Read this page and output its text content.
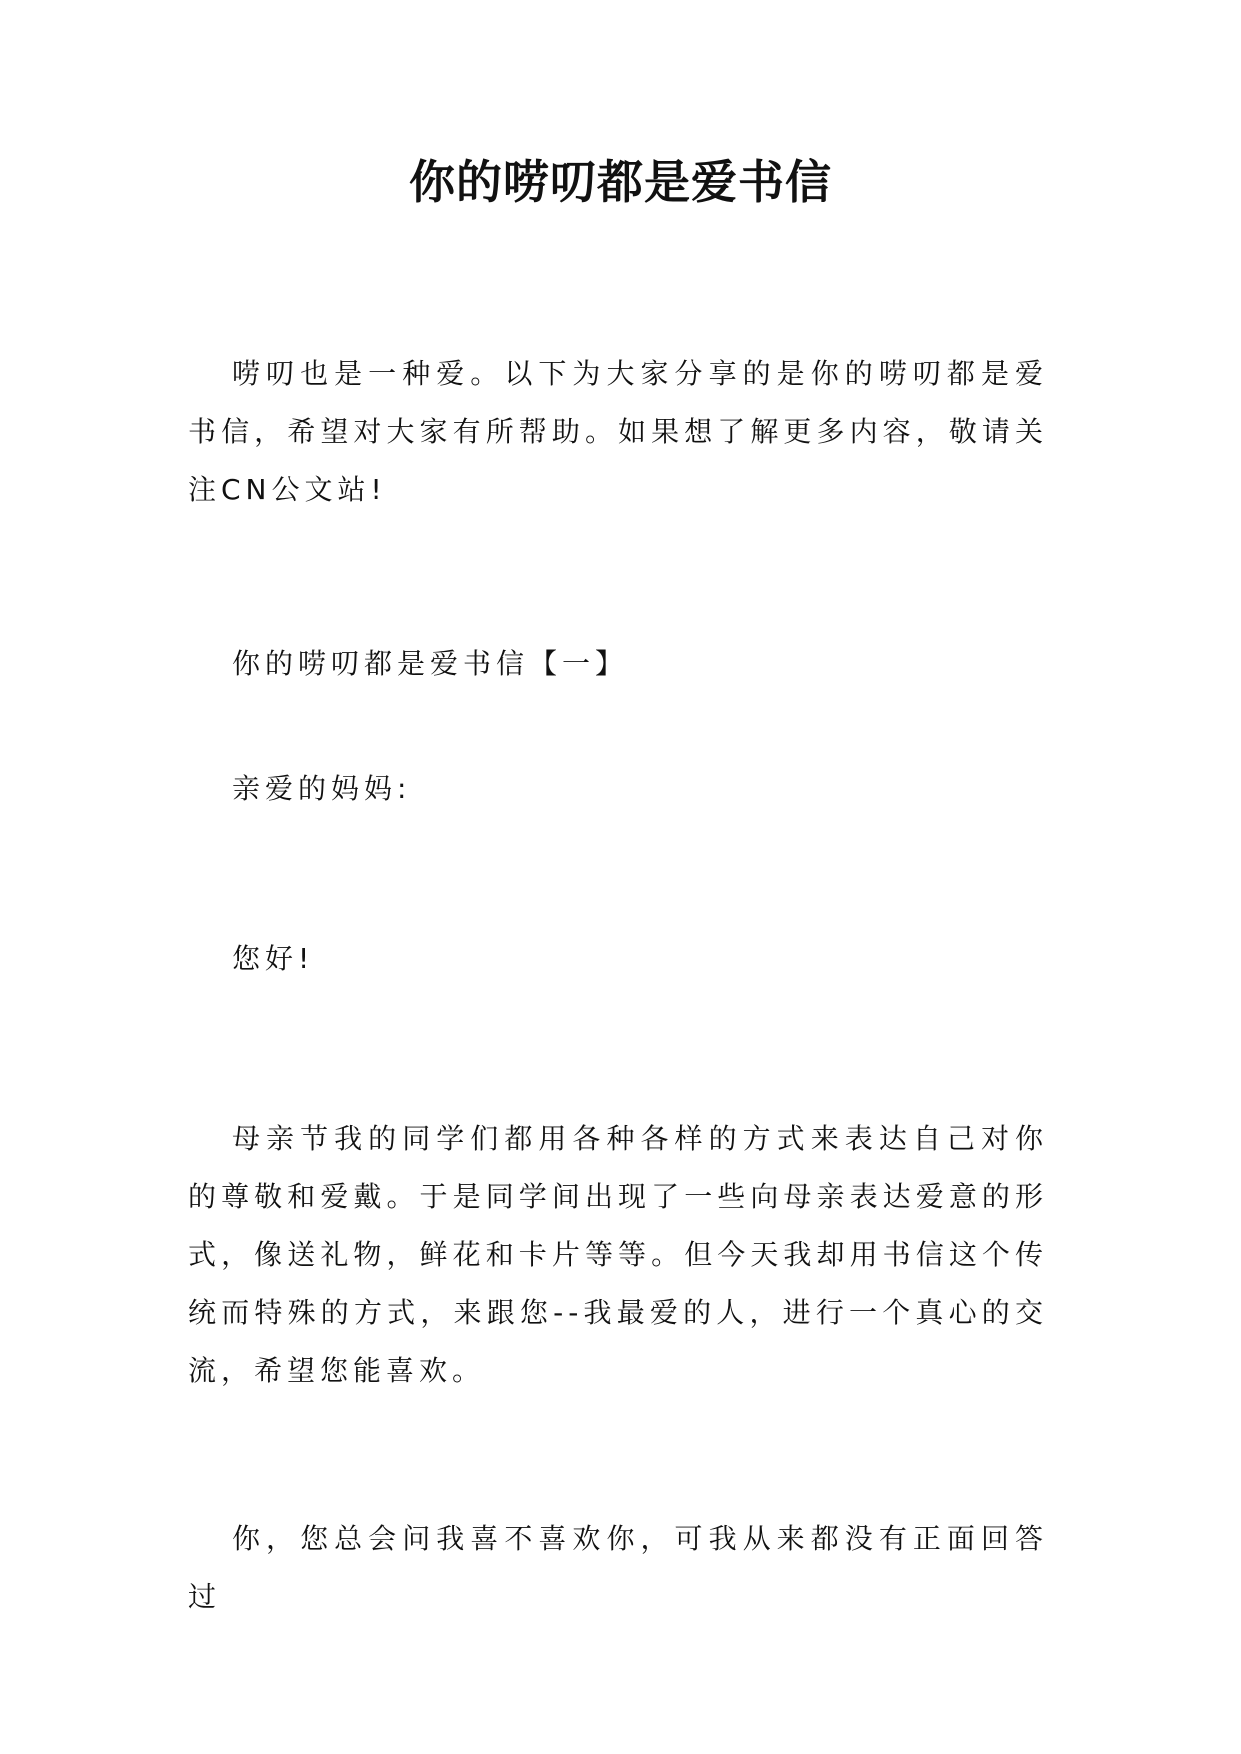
你的唠叨都是爱书信

唠叨也是一种爱。以下为大家分享的是你的唠叨都是爱书信，希望对大家有所帮助。如果想了解更多内容，敬请关注CN公文站!

你的唠叨都是爱书信【一】

亲爱的妈妈:

您好!

母亲节我的同学们都用各种各样的方式来表达自己对你的尊敬和爱戴。于是同学间出现了一些向母亲表达爱意的形式，像送礼物，鲜花和卡片等等。但今天我却用书信这个传统而特殊的方式，来跟您--我最爱的人，进行一个真心的交流，希望您能喜欢。

你，您总会问我喜不喜欢你，可我从来都没有正面回答过
